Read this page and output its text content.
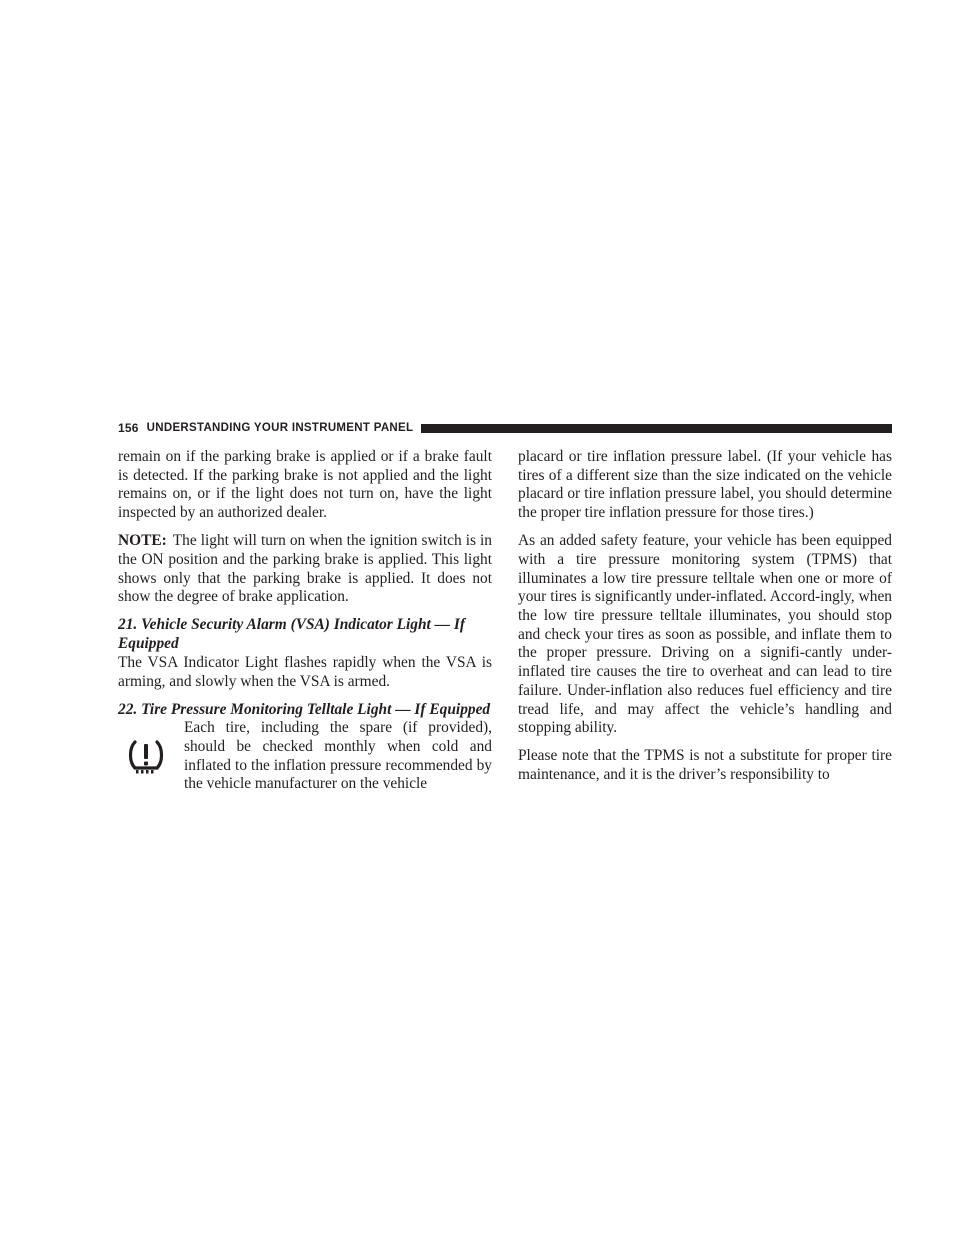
156 UNDERSTANDING YOUR INSTRUMENT PANEL

remain on if the parking brake is applied or if a brake fault is detected. If the parking brake is not applied and the light remains on, or if the light does not turn on, have the light inspected by an authorized dealer.

NOTE: The light will turn on when the ignition switch is in the ON position and the parking brake is applied. This light shows only that the parking brake is applied. It does not show the degree of brake application.

21. Vehicle Security Alarm (VSA) Indicator Light — If Equipped

The VSA Indicator Light flashes rapidly when the VSA is arming, and slowly when the VSA is armed.

22. Tire Pressure Monitoring Telltale Light — If Equipped
Each tire, including the spare (if provided), should be checked monthly when cold and inflated to the inflation pressure recommended by the vehicle manufacturer on the vehicle

placard or tire inflation pressure label. (If your vehicle has tires of a different size than the size indicated on the vehicle placard or tire inflation pressure label, you should determine the proper tire inflation pressure for those tires.)

As an added safety feature, your vehicle has been equipped with a tire pressure monitoring system (TPMS) that illuminates a low tire pressure telltale when one or more of your tires is significantly under-inflated. Accord-ingly, when the low tire pressure telltale illuminates, you should stop and check your tires as soon as possible, and inflate them to the proper pressure. Driving on a signifi-cantly under-inflated tire causes the tire to overheat and can lead to tire failure. Under-inflation also reduces fuel efficiency and tire tread life, and may affect the vehicle’s handling and stopping ability.

Please note that the TPMS is not a substitute for proper tire maintenance, and it is the driver’s responsibility to
